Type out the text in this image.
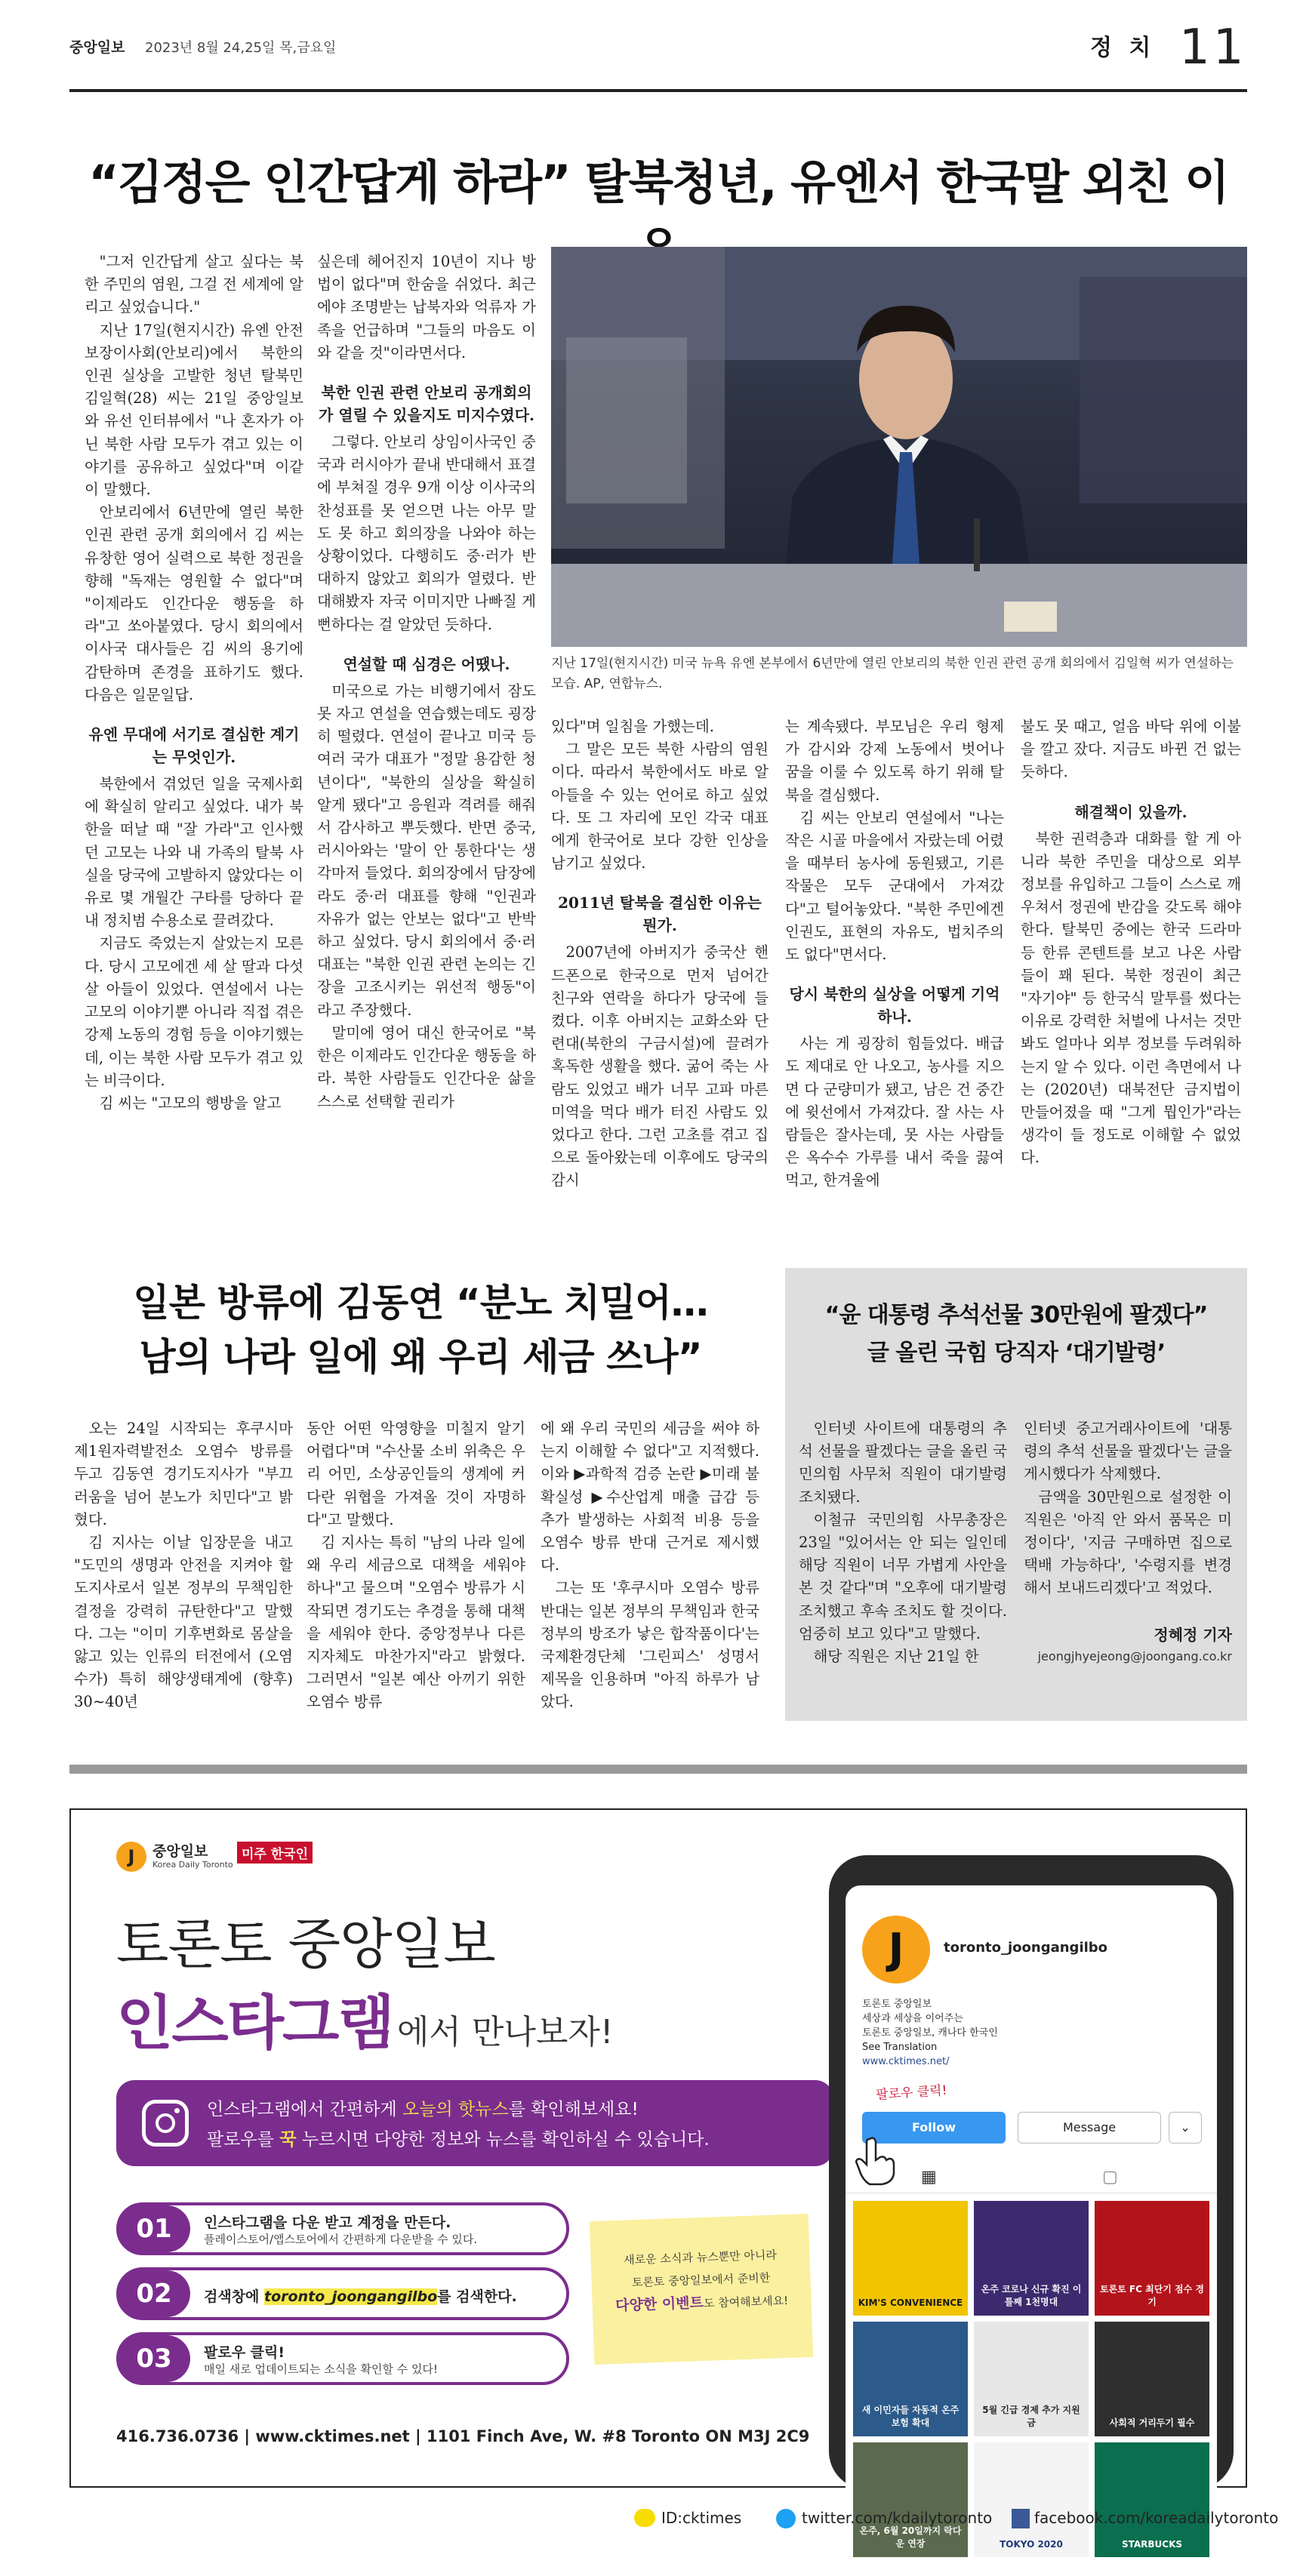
중앙일보 2023년 8월 24,25일 목,금요일	정 치 11
“김정은 인간답게 하라” 탈북청년, 유엔서 한국말 외친 이
지난 17일(현지시간) 미국 뉴욕 유엔 본부에서 6년만에 열린 안보리의 북한 인권 관련 공개 회의에서 김일혁 씨가 연설하는 모습. AP, 연합뉴스.

"그저 인간답게 살고 싶다는 북한 주민의 염원, 그걸 전 세계에 알리고 싶었습니다."

지난 17일(현지시간) 유엔 안전보장이사회(안보리)에서 북한의 인권 실상을 고발한 청년 탈북민 김일혁(28) 씨는 21일 중앙일보와 유선 인터뷰에서 "나 혼자가 아닌 북한 사람 모두가 겪고 있는 이야기를 공유하고 싶었다"며 이같이 말했다.

안보리에서 6년만에 열린 북한 인권 관련 공개 회의에서 김 씨는 유창한 영어 실력으로 북한 정권을 향해 "독재는 영원할 수 없다"며 "이제라도 인간다운 행동을 하라"고 쏘아붙였다. 당시 회의에서 이사국 대사들은 김 씨의 용기에 감탄하며 존경을 표하기도 했다. 다음은 일문일답.

유엔 무대에 서기로 결심한 계기는 무엇인가.

북한에서 겪었던 일을 국제사회에 확실히 알리고 싶었다. 내가 북한을 떠날 때 "잘 가라"고 인사했던 고모는 나와 내 가족의 탈북 사실을 당국에 고발하지 않았다는 이유로 몇 개월간 구타를 당하다 끝내 정치범 수용소로 끌려갔다.

지금도 죽었는지 살았는지 모른다. 당시 고모에겐 세 살 딸과 다섯 살 아들이 있었다. 연설에서 나는 고모의 이야기뿐 아니라 직접 겪은 강제 노동의 경험 등을 이야기했는데, 이는 북한 사람 모두가 겪고 있는 비극이다.

김 씨는 "고모의 행방을 알고

싶은데 헤어진지 10년이 지나 방법이 없다"며 한숨을 쉬었다. 최근에야 조명받는 납북자와 억류자 가족을 언급하며 "그들의 마음도 이와 같을 것"이라면서다.

북한 인권 관련 안보리 공개회의가 열릴 수 있을지도 미지수였다.

그렇다. 안보리 상임이사국인 중국과 러시아가 끝내 반대해서 표결에 부쳐질 경우 9개 이상 이사국의 찬성표를 못 얻으면 나는 아무 말도 못 하고 회의장을 나와야 하는 상황이었다. 다행히도 중·러가 반대하지 않았고 회의가 열렸다. 반대해봤자 자국 이미지만 나빠질 게 뻔하다는 걸 알았던 듯하다.

연설할 때 심경은 어땠나.

미국으로 가는 비행기에서 잠도 못 자고 연설을 연습했는데도 굉장히 떨렸다. 연설이 끝나고 미국 등 여러 국가 대표가 "정말 용감한 청년이다", "북한의 실상을 확실히 알게 됐다"고 응원과 격려를 해줘서 감사하고 뿌듯했다. 반면 중국, 러시아와는 '말이 안 통한다'는 생각마저 들었다. 회의장에서 담장에라도 중·러 대표를 향해 "인권과 자유가 없는 안보는 없다"고 반박하고 싶었다. 당시 회의에서 중·러 대표는 "북한 인권 관련 논의는 긴장을 고조시키는 위선적 행동"이라고 주장했다.

말미에 영어 대신 한국어로 "북한은 이제라도 인간다운 행동을 하라. 북한 사람들도 인간다운 삶을 스스로 선택할 권리가

있다"며 일침을 가했는데.

그 말은 모든 북한 사람의 염원이다. 따라서 북한에서도 바로 알아들을 수 있는 언어로 하고 싶었다. 또 그 자리에 모인 각국 대표에게 한국어로 보다 강한 인상을 남기고 싶었다.

2011년 탈북을 결심한 이유는 뭔가.

2007년에 아버지가 중국산 핸드폰으로 한국으로 먼저 넘어간 친구와 연락을 하다가 당국에 들켰다. 이후 아버지는 교화소와 단련대(북한의 구금시설)에 끌려가 혹독한 생활을 했다. 굶어 죽는 사람도 있었고 배가 너무 고파 마른 미역을 먹다 배가 터진 사람도 있었다고 한다. 그런 고초를 겪고 집으로 돌아왔는데 이후에도 당국의 감시

는 계속됐다. 부모님은 우리 형제가 감시와 강제 노동에서 벗어나 꿈을 이룰 수 있도록 하기 위해 탈북을 결심했다.

김 씨는 안보리 연설에서 "나는 작은 시골 마을에서 자랐는데 어렸을 때부터 농사에 동원됐고, 기른 작물은 모두 군대에서 가져갔다"고 털어놓았다. "북한 주민에겐 인권도, 표현의 자유도, 법치주의도 없다"면서다.

당시 북한의 실상을 어떻게 기억하나.

사는 게 굉장히 힘들었다. 배급도 제대로 안 나오고, 농사를 지으면 다 군량미가 됐고, 남은 건 중간에 윗선에서 가져갔다. 잘 사는 사람들은 잘사는데, 못 사는 사람들은 옥수수 가루를 내서 죽을 끓여 먹고, 한겨울에

불도 못 때고, 얼음 바닥 위에 이불을 깔고 잤다. 지금도 바뀐 건 없는 듯하다.

해결책이 있을까.

북한 권력층과 대화를 할 게 아니라 북한 주민을 대상으로 외부 정보를 유입하고 그들이 스스로 깨우쳐서 정권에 반감을 갖도록 해야 한다. 탈북민 중에는 한국 드라마 등 한류 콘텐트를 보고 나온 사람들이 꽤 된다. 북한 정권이 최근 "자기야" 등 한국식 말투를 썼다는 이유로 강력한 처벌에 나서는 것만 봐도 얼마나 외부 정보를 두려워하는지 알 수 있다. 이런 측면에서 나는 (2020년) 대북전단 금지법이 만들어졌을 때 "그게 뭡인가"라는 생각이 들 정도로 이해할 수 없었다.

일본 방류에 김동연 “분노 치밀어…
남의 나라 일에 왜 우리 세금 쓰나”

오는 24일 시작되는 후쿠시마 제1원자력발전소 오염수 방류를 두고 김동연 경기도지사가 "부끄러움을 넘어 분노가 치민다"고 밝혔다.

김 지사는 이날 입장문을 내고 "도민의 생명과 안전을 지켜야 할 도지사로서 일본 정부의 무책임한 결정을 강력히 규탄한다"고 말했다. 그는 "이미 기후변화로 몸살을 앓고 있는 인류의 터전에서 (오염수가) 특히 해양생태계에 (향후) 30~40년

동안 어떤 악영향을 미칠지 알기 어렵다"며 "수산물 소비 위축은 우리 어민, 소상공인들의 생계에 커다란 위협을 가져올 것이 자명하다"고 말했다.

김 지사는 특히 "남의 나라 일에 왜 우리 세금으로 대책을 세워야 하나"고 물으며 "오염수 방류가 시작되면 경기도는 추경을 통해 대책을 세워야 한다. 중앙정부나 다른 지자체도 마찬가지"라고 밝혔다. 그러면서 "일본 예산 아끼기 위한 오염수 방류

에 왜 우리 국민의 세금을 써야 하는지 이해할 수 없다"고 지적했다. 이와 ▶과학적 검증 논란 ▶미래 불확실성 ▶수산업계 매출 급감 등 추가 발생하는 사회적 비용 등을 오염수 방류 반대 근거로 제시했다.

그는 또 '후쿠시마 오염수 방류 반대는 일본 정부의 무책임과 한국 정부의 방조가 낳은 합작품이다'는 국제환경단체 '그린피스' 성명서 제목을 인용하며 "아직 하루가 남았다.

“윤 대통령 추석선물 30만원에 팔겠다”
글 올린 국힘 당직자 ‘대기발령’

인터넷 사이트에 대통령의 추석 선물을 팔겠다는 글을 올린 국민의힘 사무처 직원이 대기발령 조치됐다.

이철규 국민의힘 사무총장은 23일 "있어서는 안 되는 일인데 해당 직원이 너무 가볍게 사안을 본 것 같다"며 "오후에 대기발령 조치했고 후속 조치도 할 것이다. 엄중히 보고 있다"고 말했다.

해당 직원은 지난 21일 한

인터넷 중고거래사이트에 '대통령의 추석 선물을 팔겠다'는 글을 게시했다가 삭제했다.

금액을 30만원으로 설정한 이 직원은 '아직 안 와서 품목은 미정이다', '지금 구매하면 집으로 택배 가능하다', '수령지를 변경해서 보내드리겠다'고 적었다.

정혜정 기자
jeongjhyejeong@joongang.co.kr
J	중앙일보
Korea Daily Toronto
미주 한국인
토론토 중앙일보
인스타그램 에서 만나보자!
인스타그램에서 간편하게 오늘의 핫뉴스를 확인해보세요!
팔로우를 꾹 누르시면 다양한 정보와 뉴스를 확인하실 수 있습니다.
01	인스타그램을 다운 받고 계정을 만든다.
플레이스토어/앱스토어에서 간편하게 다운받을 수 있다.
02	검색창에 toronto_joongangilbo를 검색한다.
03	팔로우 클릭!
매일 새로 업데이트되는 소식을 확인할 수 있다!
새로운 소식과 뉴스뿐만 아니라
토론토 중앙일보에서 준비한
다양한 이벤트도 참여해보세요!
416.736.0736 | www.cktimes.net | 1101 Finch Ave, W. #8 Toronto ON M3J 2C9
J	toronto_joongangilbo
토론토 중앙일보
세상과 세상을 이어주는
토론토 중앙일보, 캐나다 한국인
See Translation
www.cktimes.net/
팔로우 클릭!
Follow	Message	⌄
▦	▢
KIM'S CONVENIENCE
온주 코로나 신규 확진 이틀째 1천명대
토론토 FC 최단기 점수 경기
새 이민자들 자동적 온주 보험 확대
5월 긴급 경제 추가 지원금	사회적 거리두기 필수
온주, 6월 20일까지 락다운 연장	TOKYO 2020	STARBUCKS
ID:cktimes	twitter.com/kdailytoronto	facebook.com/koreadailytoronto
